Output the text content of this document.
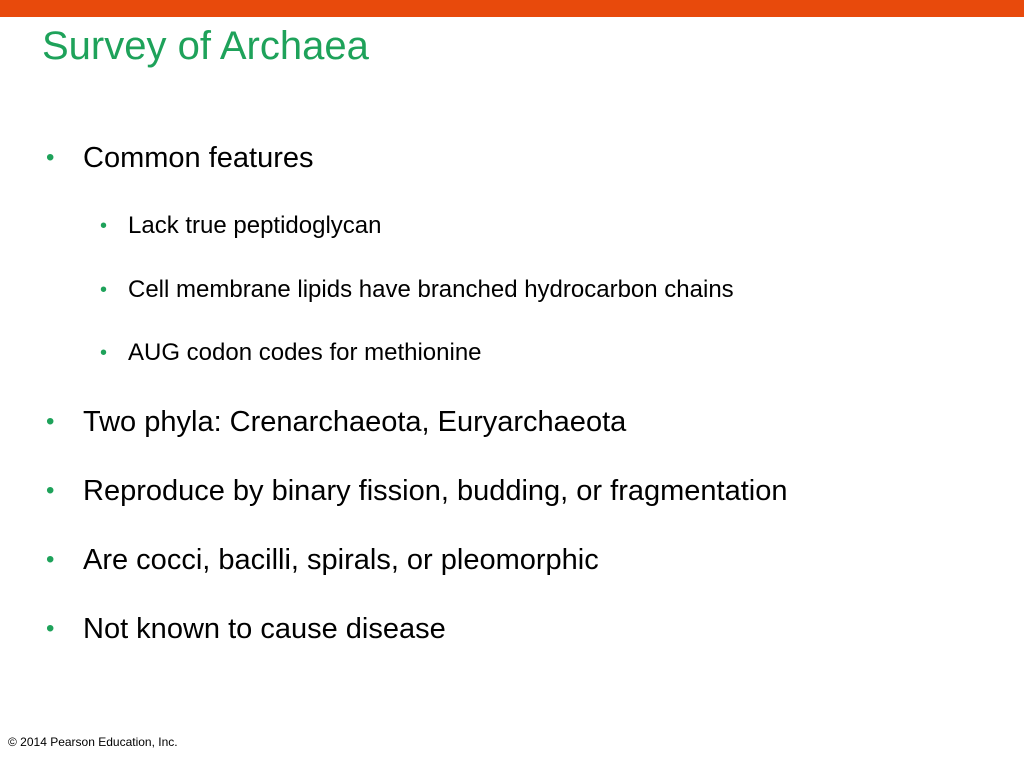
Survey of Archaea
• Common features
• Lack true peptidoglycan
• Cell membrane lipids have branched hydrocarbon chains
• AUG codon codes for methionine
• Two phyla: Crenarchaeota, Euryarchaeota
• Reproduce by binary fission, budding, or fragmentation
• Are cocci, bacilli, spirals, or pleomorphic
• Not known to cause disease
© 2014 Pearson Education, Inc.
